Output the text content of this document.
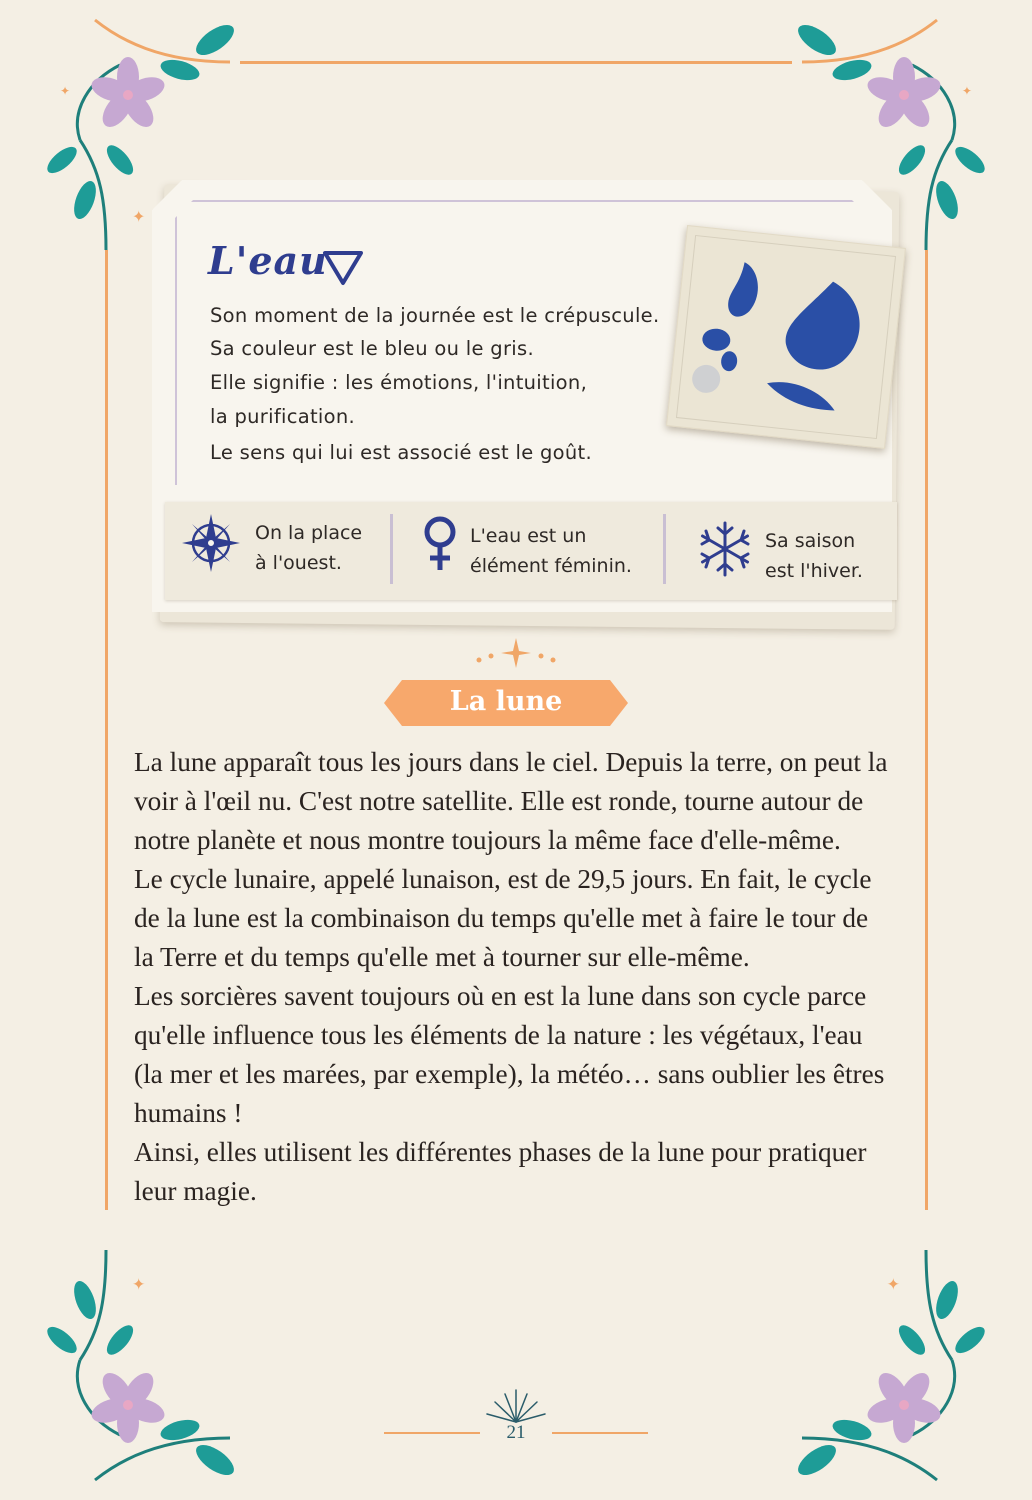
✦
✦	✦
✦	✦
L'eau

Son moment de la journée est le crépuscule.

Sa couleur est le bleu ou le gris.

Elle signifie : les émotions, l'intuition,

la purification.

Le sens qui lui est associé est le goût.

On la place

à l'ouest.

L'eau est un

élément féminin.

Sa saison

est l'hiver.

La lune

La lune apparaît tous les jours dans le ciel. Depuis la terre, on peut la voir à l'œil nu. C'est notre satellite. Elle est ronde, tourne autour de notre planète et nous montre toujours la même face d'elle-même.

Le cycle lunaire, appelé lunaison, est de 29,5 jours. En fait, le cycle de la lune est la combinaison du temps qu'elle met à faire le tour de la Terre et du temps qu'elle met à tourner sur elle-même.

Les sorcières savent toujours où en est la lune dans son cycle parce qu'elle influence tous les éléments de la nature : les végétaux, l'eau (la mer et les marées, par exemple), la météo… sans oublier les êtres humains !

Ainsi, elles utilisent les différentes phases de la lune pour pratiquer leur magie.

21
